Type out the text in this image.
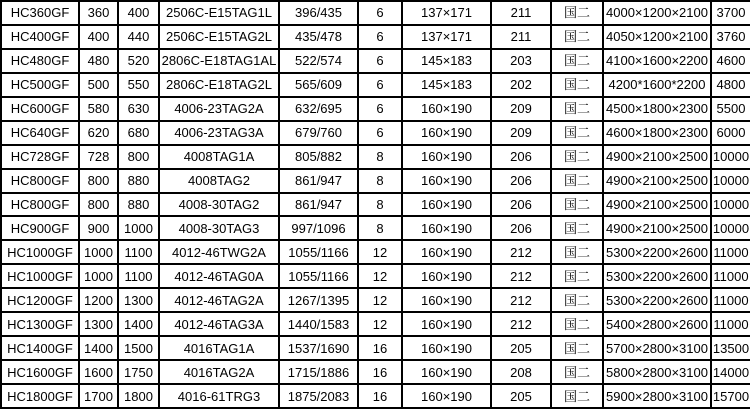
HC360GF	360	400	2506C-E15TAG1L	396/435	6	137×171	211	国二	4000×1200×2100	3700
HC400GF	400	440	2506C-E15TAG2L	435/478	6	137×171	211	国二	4050×1200×2100	3760
HC480GF	480	520	2806C-E18TAG1AL	522/574	6	145×183	203	国二	4100×1600×2200	4600
HC500GF	500	550	2806C-E18TAG2L	565/609	6	145×183	202	国二	4200*1600*2200	4800
HC600GF	580	630	4006-23TAG2A	632/695	6	160×190	209	国二	4500×1800×2300	5500
HC640GF	620	680	4006-23TAG3A	679/760	6	160×190	209	国二	4600×1800×2300	6000
HC728GF	728	800	4008TAG1A	805/882	8	160×190	206	国二	4900×2100×2500	10000
HC800GF	800	880	4008TAG2	861/947	8	160×190	206	国二	4900×2100×2500	10000
HC800GF	800	880	4008-30TAG2	861/947	8	160×190	206	国二	4900×2100×2500	10000
HC900GF	900	1000	4008-30TAG3	997/1096	8	160×190	206	国二	4900×2100×2500	10000
HC1000GF	1000	1100	4012-46TWG2A	1055/1166	12	160×190	212	国二	5300×2200×2600	11000
HC1000GF	1000	1100	4012-46TAG0A	1055/1166	12	160×190	212	国二	5300×2200×2600	11000
HC1200GF	1200	1300	4012-46TAG2A	1267/1395	12	160×190	212	国二	5300×2200×2600	11000
HC1300GF	1300	1400	4012-46TAG3A	1440/1583	12	160×190	212	国二	5400×2800×2600	11000
HC1400GF	1400	1500	4016TAG1A	1537/1690	16	160×190	205	国二	5700×2800×3100	13500
HC1600GF	1600	1750	4016TAG2A	1715/1886	16	160×190	208	国二	5800×2800×3100	14000
HC1800GF	1700	1800	4016-61TRG3	1875/2083	16	160×190	205	国二	5900×2800×3100	15700
